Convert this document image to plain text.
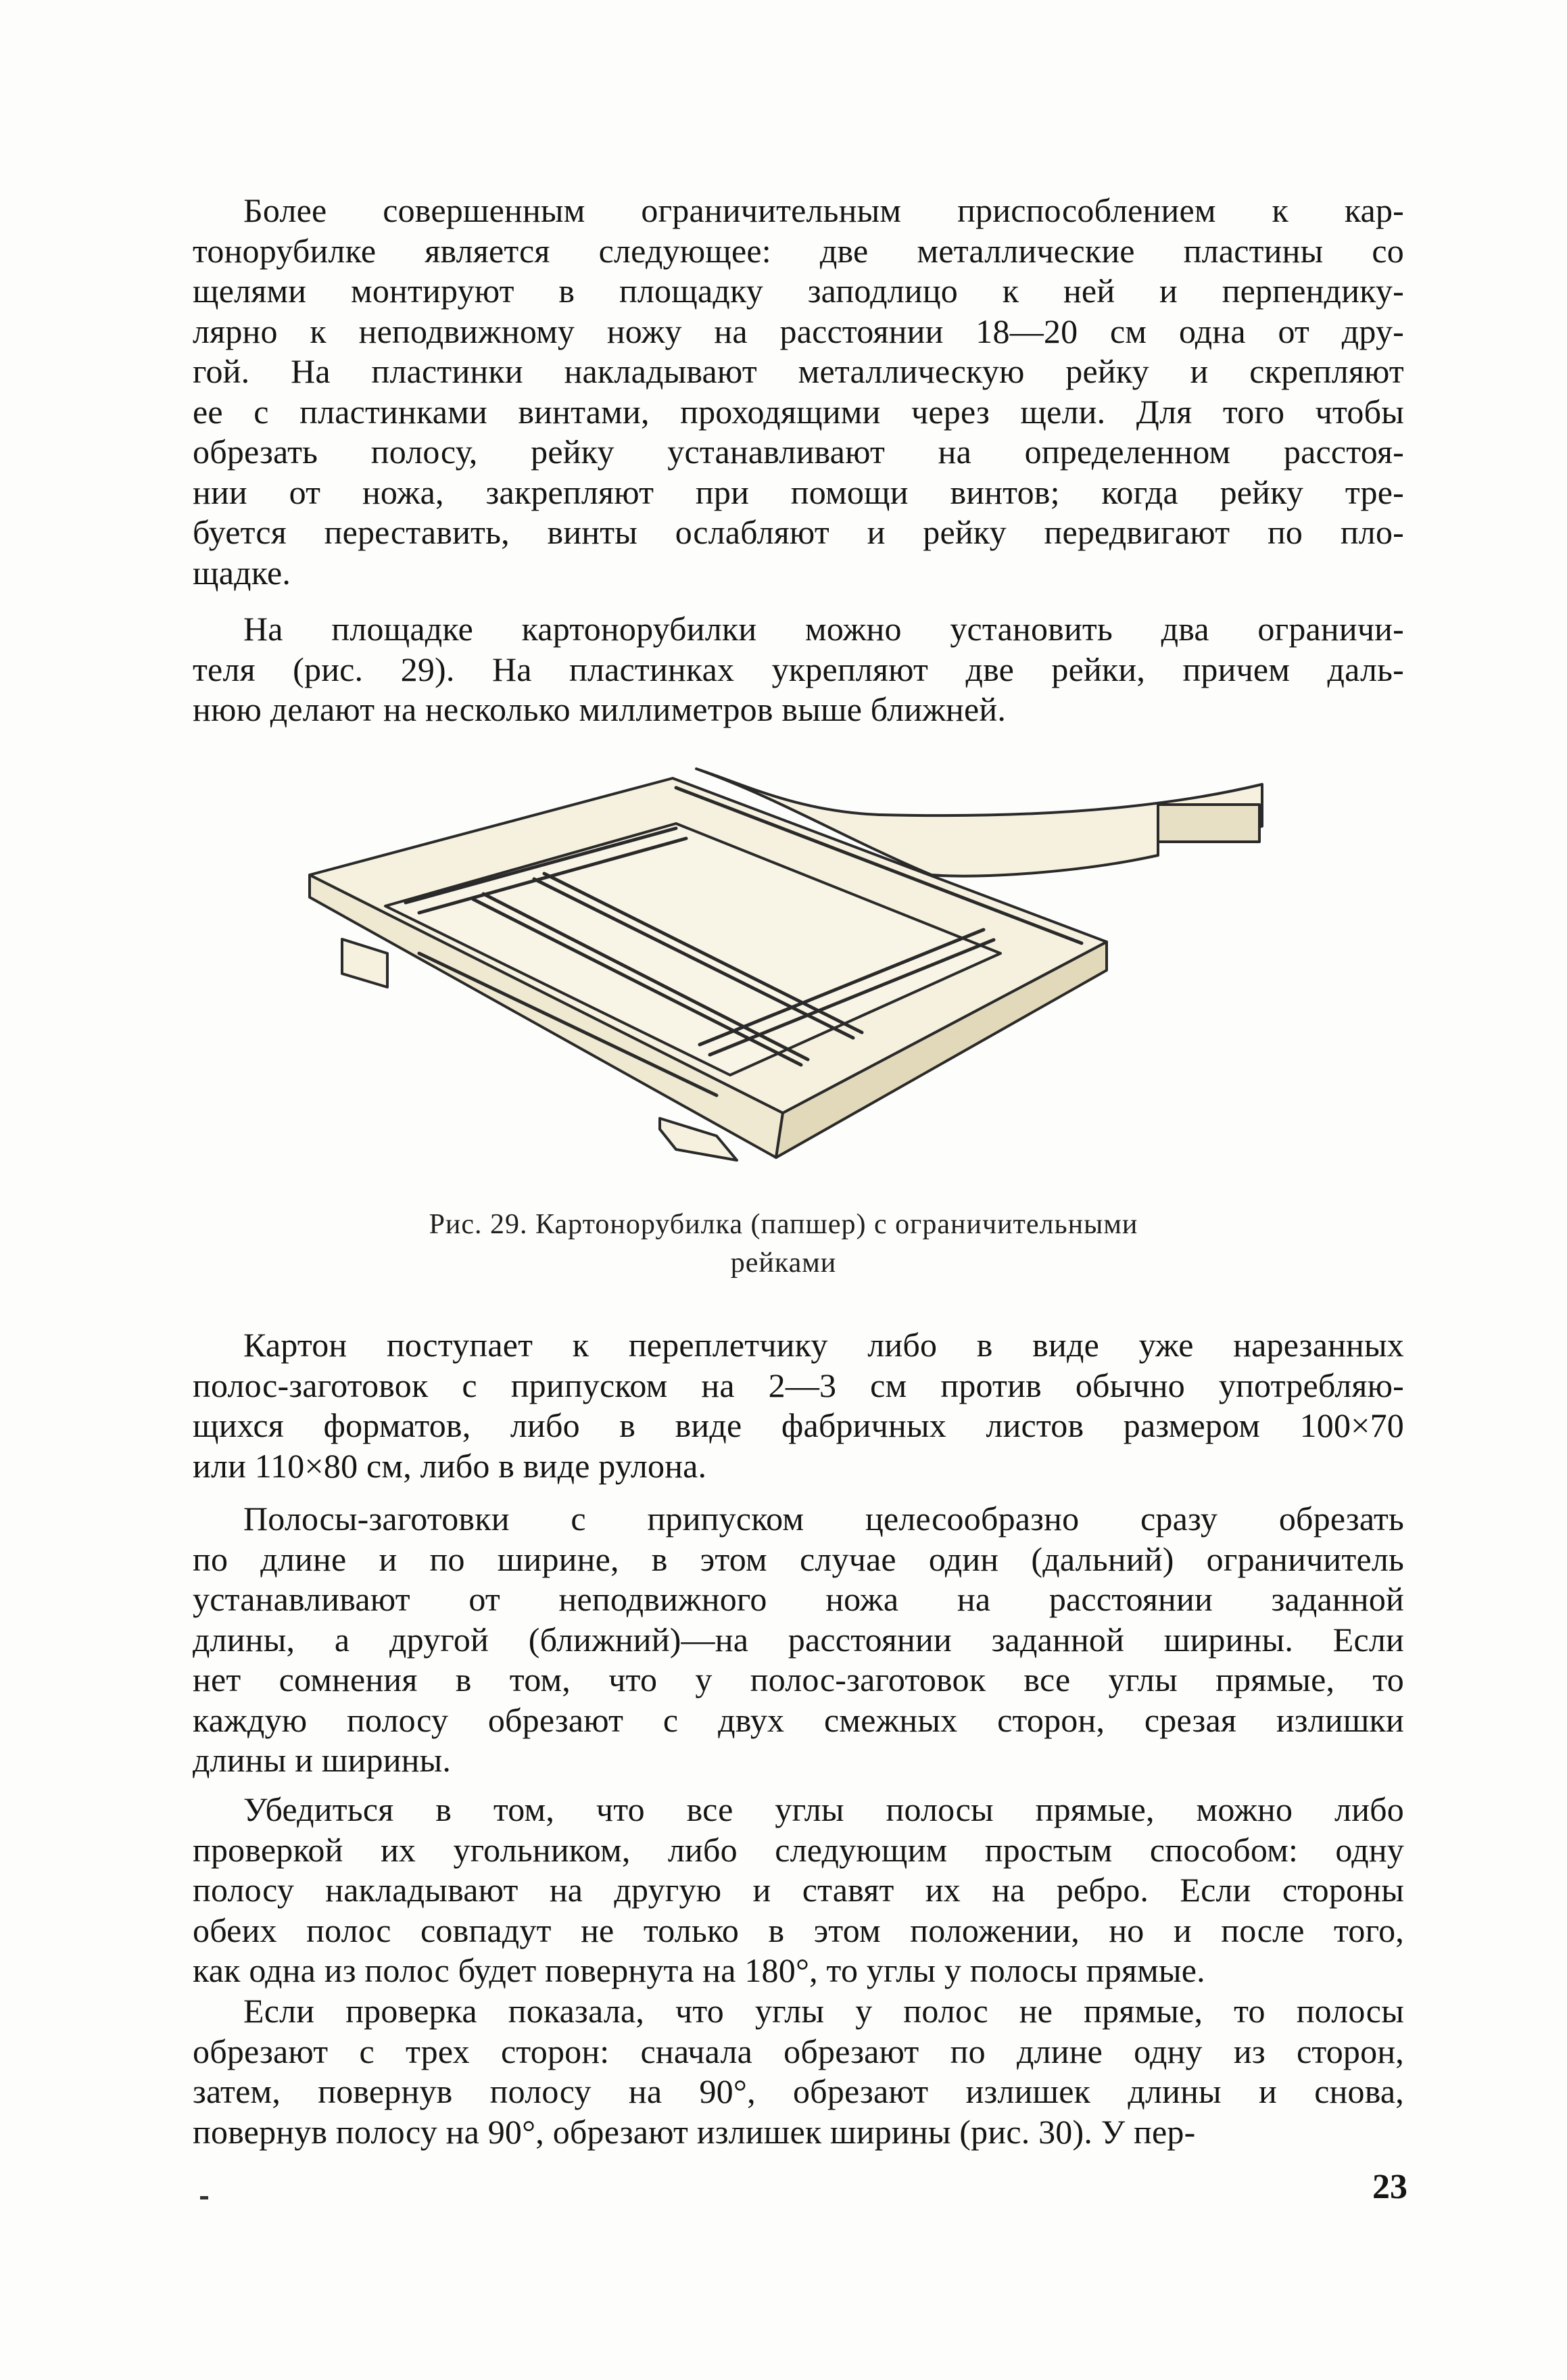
Более совершенным ограничительным приспособлением к кар-
тонорубилке является следующее: две металлические пластины со
щелями монтируют в площадку заподлицо к ней и перпендику-
лярно к неподвижному ножу на расстоянии 18—20 см одна от дру-
гой. На пластинки накладывают металлическую рейку и скрепляют
ее с пластинками винтами, проходящими через щели. Для того чтобы
обрезать полосу, рейку устанавливают на определенном расстоя-
нии от ножа, закрепляют при помощи винтов; когда рейку тре-
буется переставить, винты ослабляют и рейку передвигают по пло-
щадке.
На площадке картонорубилки можно установить два ограничи-
теля (рис. 29). На пластинках укрепляют две рейки, причем даль-
нюю делают на несколько миллиметров выше ближней.
Картон поступает к переплетчику либо в виде уже нарезанных
полос-заготовок с припуском на 2—3 см против обычно употребляю-
щихся форматов, либо в виде фабричных листов размером 100×70
или 110×80 см, либо в виде рулона.
Полосы-заготовки с припуском целесообразно сразу обрезать
по длине и по ширине, в этом случае один (дальний) ограничитель
устанавливают от неподвижного ножа на расстоянии заданной
длины, а другой (ближний)—на расстоянии заданной ширины. Если
нет сомнения в том, что у полос-заготовок все углы прямые, то
каждую полосу обрезают с двух смежных сторон, срезая излишки
длины и ширины.
Убедиться в том, что все углы полосы прямые, можно либо
проверкой их угольником, либо следующим простым способом: одну
полосу накладывают на другую и ставят их на ребро. Если стороны
обеих полос совпадут не только в этом положении, но и после того,
как одна из полос будет повернута на 180°, то углы у полосы прямые.
Если проверка показала, что углы у полос не прямые, то полосы
обрезают с трех сторон: сначала обрезают по длине одну из сторон,
затем, повернув полосу на 90°, обрезают излишек длины и снова,
повернув полосу на 90°, обрезают излишек ширины (рис. 30). У пер-
Рис. 29. Картонорубилка (папшер) с ограничительными
рейками
23
